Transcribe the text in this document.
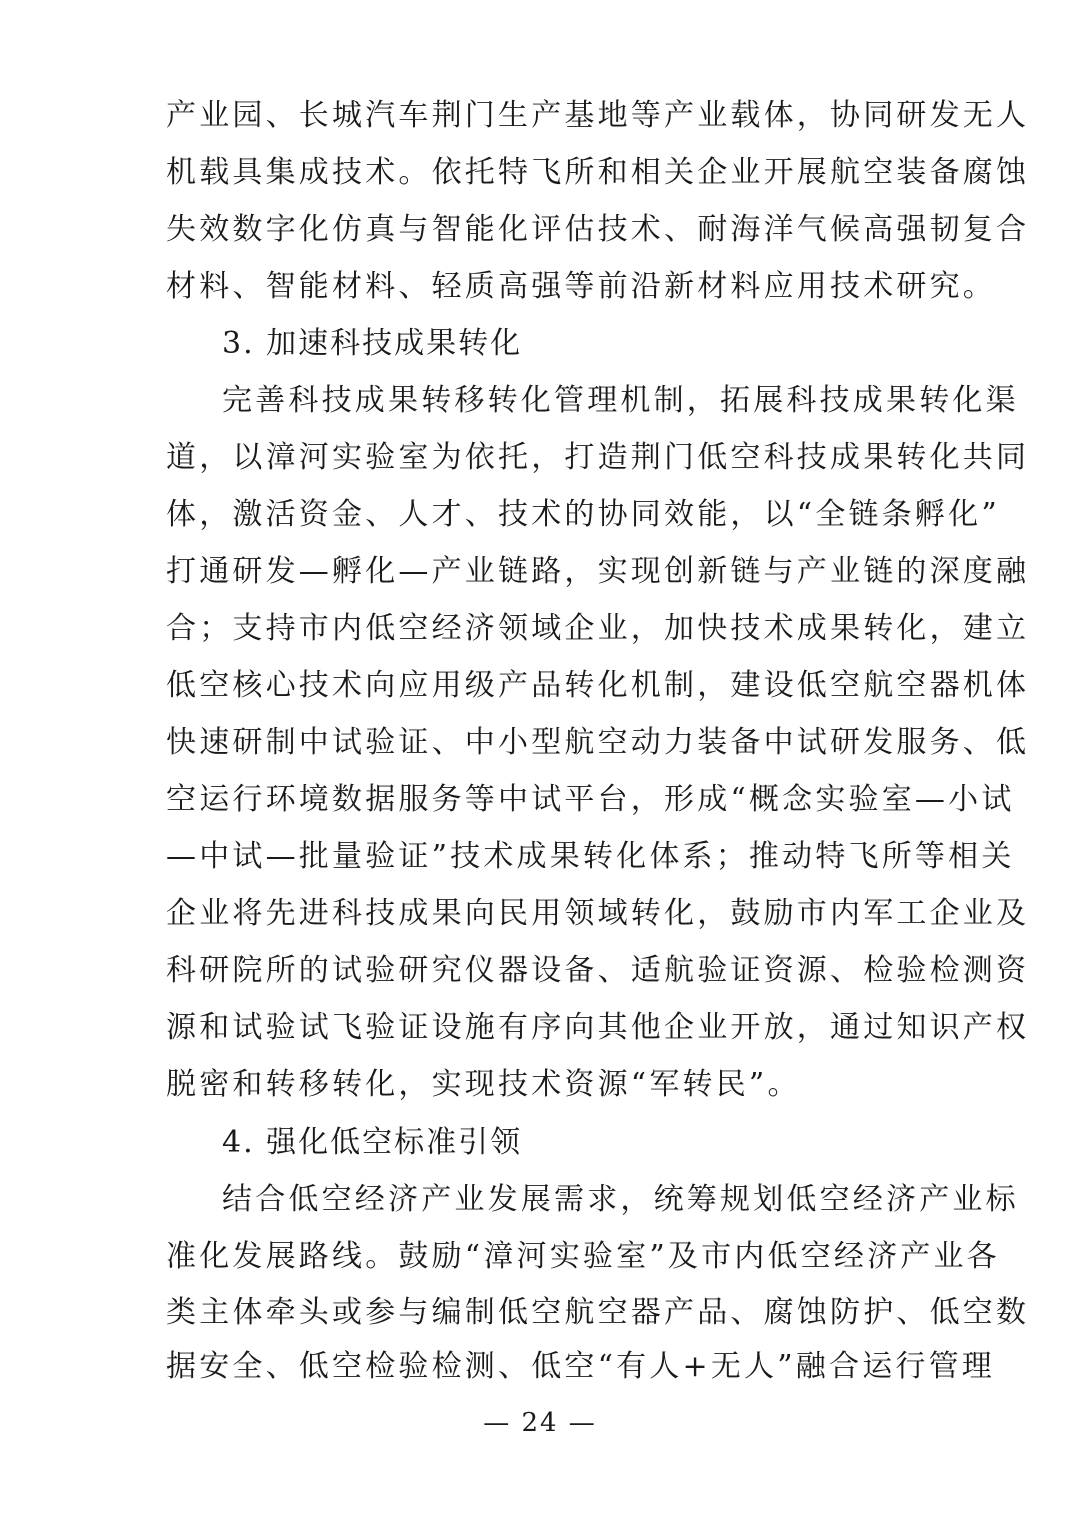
产业园、长城汽车荆门生产基地等产业载体，协同研发无人
机载具集成技术。依托特飞所和相关企业开展航空装备腐蚀
失效数字化仿真与智能化评估技术、耐海洋气候高强韧复合
材料、智能材料、轻质高强等前沿新材料应用技术研究。
3. 加速科技成果转化
完善科技成果转移转化管理机制，拓展科技成果转化渠
道，以漳河实验室为依托，打造荆门低空科技成果转化共同
体，激活资金、人才、技术的协同效能，以“全链条孵化”
打通研发—孵化—产业链路，实现创新链与产业链的深度融
合；支持市内低空经济领域企业，加快技术成果转化，建立
低空核心技术向应用级产品转化机制，建设低空航空器机体
快速研制中试验证、中小型航空动力装备中试研发服务、低
空运行环境数据服务等中试平台，形成“概念实验室—小试
—中试—批量验证”技术成果转化体系；推动特飞所等相关
企业将先进科技成果向民用领域转化，鼓励市内军工企业及
科研院所的试验研究仪器设备、适航验证资源、检验检测资
源和试验试飞验证设施有序向其他企业开放，通过知识产权
脱密和转移转化，实现技术资源“军转民”。
4. 强化低空标准引领
结合低空经济产业发展需求，统筹规划低空经济产业标
准化发展路线。鼓励“漳河实验室”及市内低空经济产业各
类主体牵头或参与编制低空航空器产品、腐蚀防护、低空数
据安全、低空检验检测、低空“有人+无人”融合运行管理
— 24 —
